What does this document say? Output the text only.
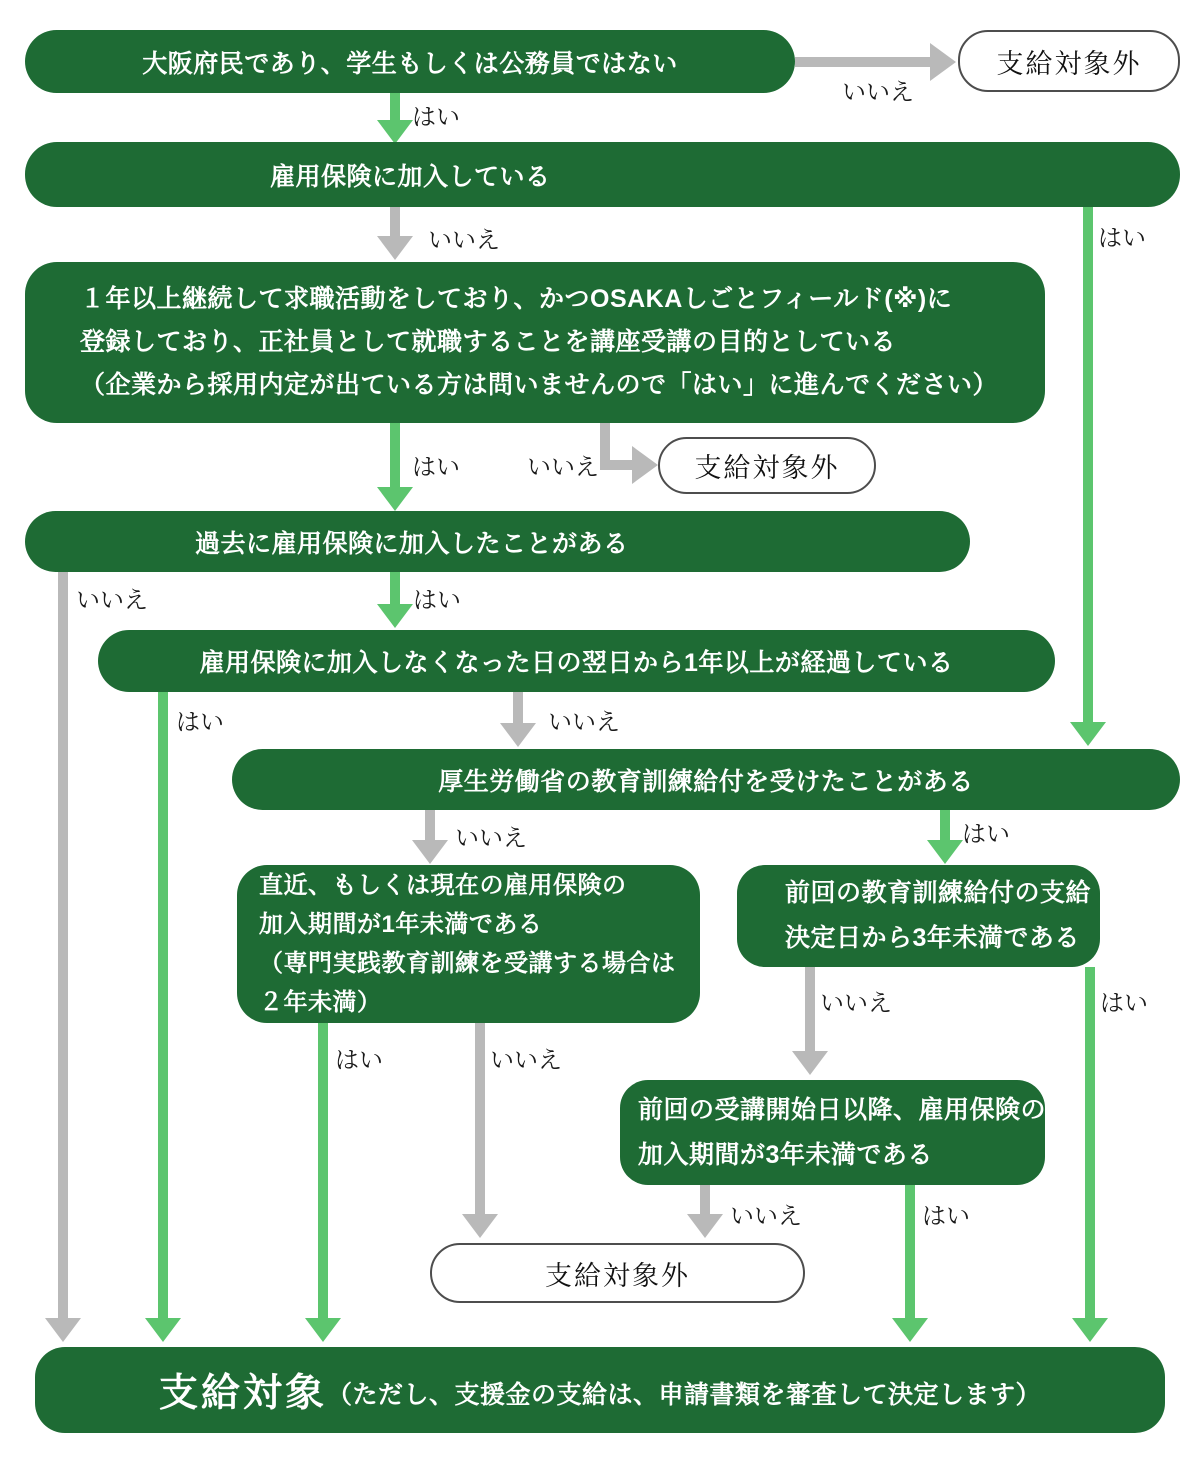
大阪府民であり、学生もしくは公務員ではない
いいえ
支給対象外
はい
雇用保険に加入している
いいえ	はい
１年以上継続して求職活動をしており、かつOSAKAしごとフィールド(※)に
登録しており、正社員として就職することを講座受講の目的としている
（企業から採用内定が出ている方は問いませんので「はい」に進んでください）
はい	いいえ	支給対象外
過去に雇用保険に加入したことがある
いいえ	はい
雇用保険に加入しなくなった日の翌日から1年以上が経過している
はい	いいえ
厚生労働省の教育訓練給付を受けたことがある
いいえ	はい
直近、もしくは現在の雇用保険の
加入期間が1年未満である
（専門実践教育訓練を受講する場合は
２年未満）
前回の教育訓練給付の支給
決定日から3年未満である
はい	いいえ
いいえ	はい
前回の受講開始日以降、雇用保険の
加入期間が3年未満である
いいえ	はい
支給対象外
支給対象 （ただし、支援金の支給は、申請書類を審査して決定します）
